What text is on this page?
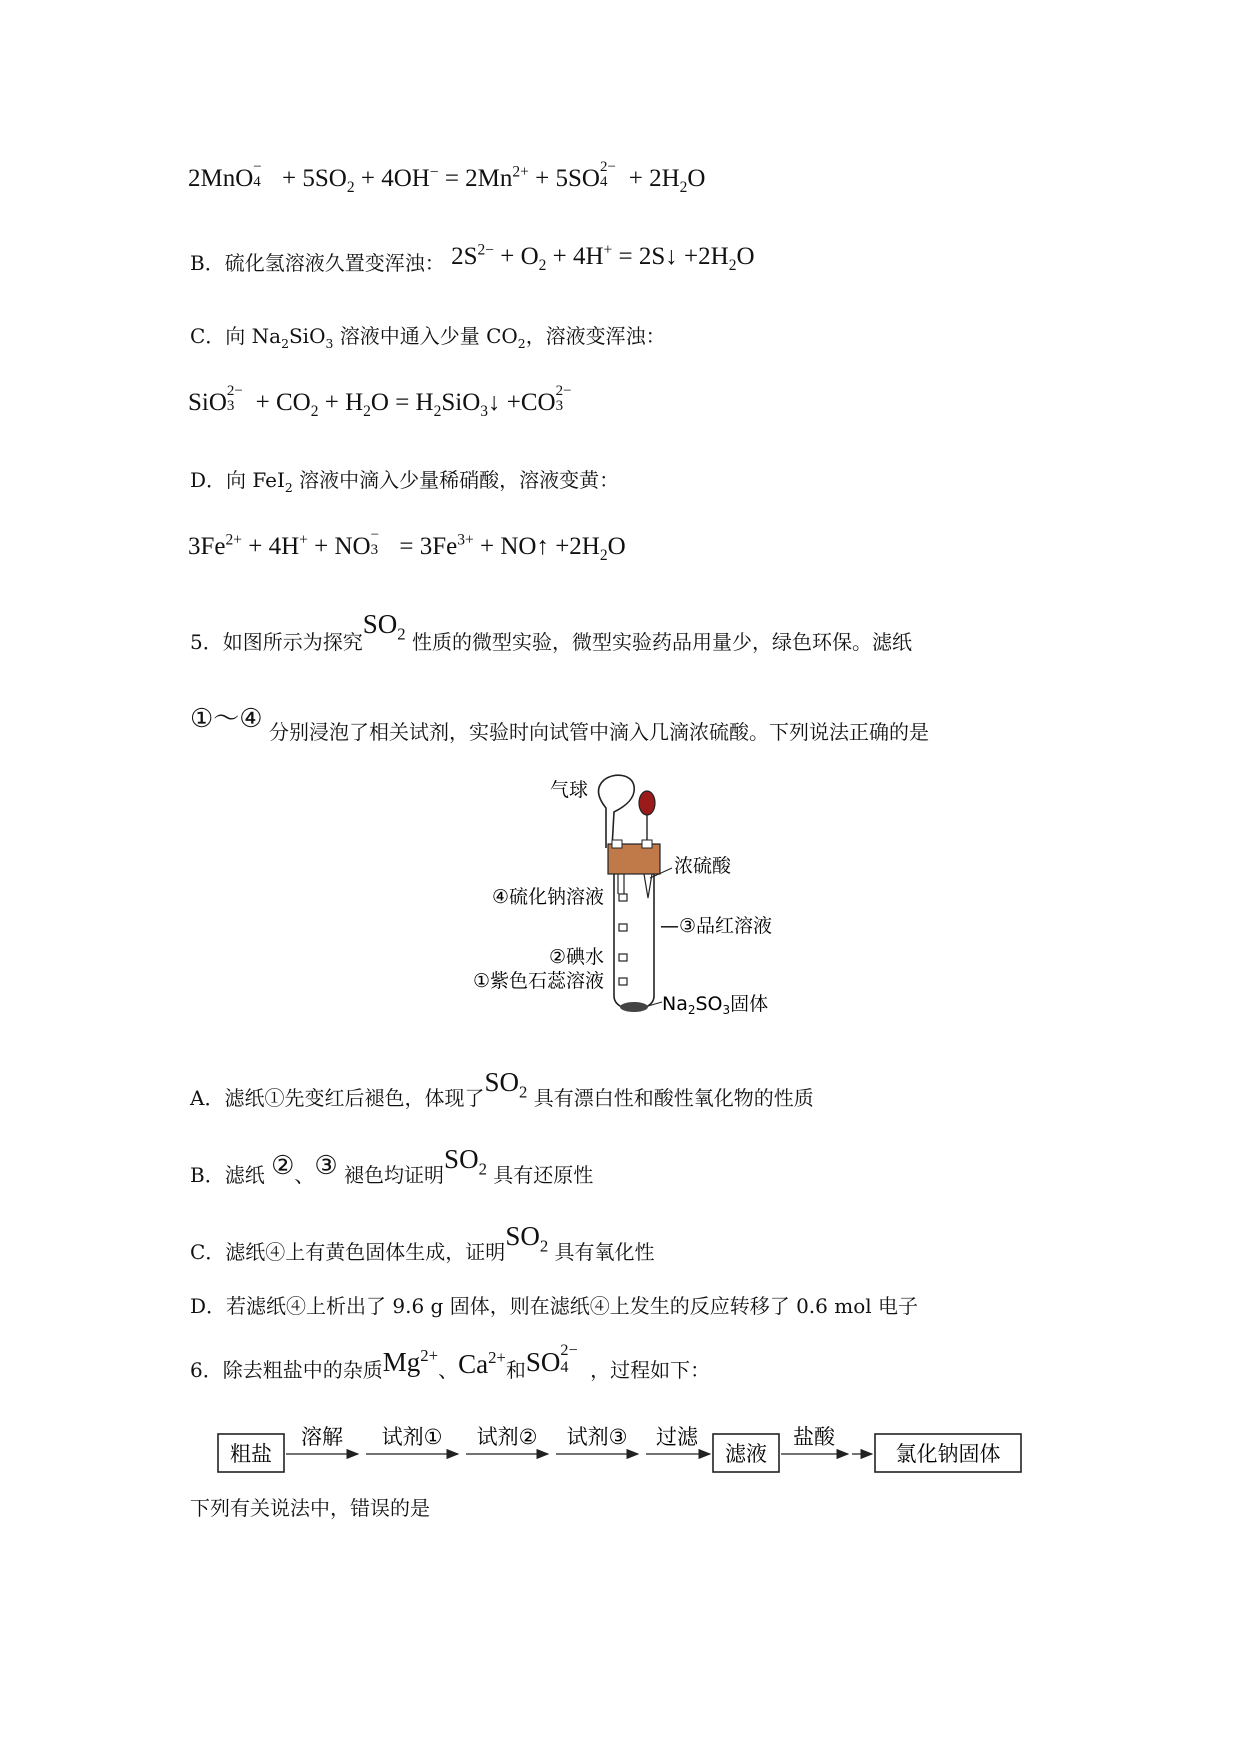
2MnO −
$4 + 5SO_2 + 4OH^- = 2Mn^{2+} + 5SO$ 2−
$4 + 2H_2O$
B．硫化氢溶液久置变浑浊： $2S^{2-} + O_2 + 4H^+$ = 2S↓ $+2H_2O$
C．向 $Na_2SiO_3$ 溶液中通入少量 $CO_2$，溶液变浑浊：
SiO 2−
$3 + CO_2 + H_2O$ = $H_2SiO_3↓ +CO$ 2−
3
D．向 FeI$_2$ 溶液中滴入少量稀硝酸，溶液变黄：
$3Fe^{2+} + 4H^+$ + NO −
$3 = 3Fe^{3+}$ + NO↑ $+2H_2O$
5．如图所示为探究$SO_2$ 性质的微型实验，微型实验药品用量少，绿色环保。滤纸
①～④ 分别浸泡了相关试剂，实验时向试管中滴入几滴浓硫酸。下列说法正确的是
气球
浓硫酸
④硫化钠溶液
—③品红溶液
②碘水
①紫色石蕊溶液
$Na_2SO_3$固体
A．滤纸①先变红后褪色，体现了$SO_2$ 具有漂白性和酸性氧化物的性质
B．滤纸 ②、③ 褪色均证明$SO_2$ 具有还原性
C．滤纸④上有黄色固体生成，证明$SO_2$ 具有氧化性
D．若滤纸④上析出了 9.6 g 固体，则在滤纸④上发生的反应转移了 0.6 mol 电子
6．除去粗盐中的杂质$Mg^{2+}$、$Ca^{2+}$和SO 2−
4 ，过程如下：
粗盐
溶解 试剂① 试剂② 试剂③ 过滤
滤液
盐酸
氯化钠固体
下列有关说法中，错误的是
